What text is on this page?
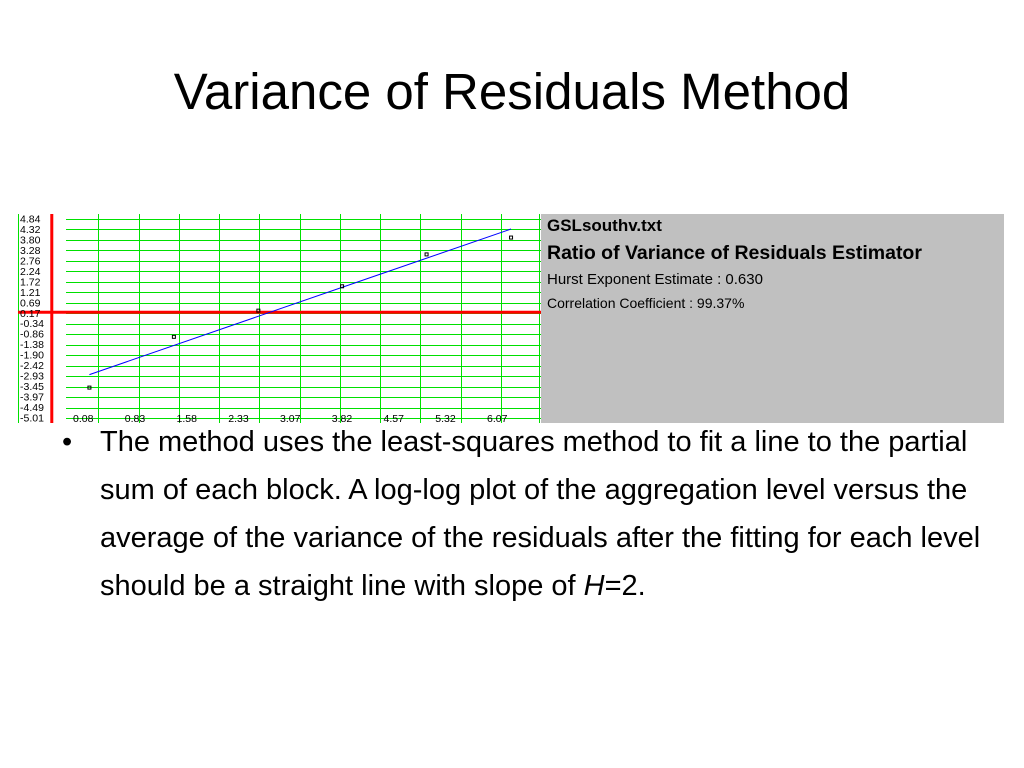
Variance of Residuals Method
4.84
4.32
3.80
3.28
2.76
2.24
1.72
1.21
0.69
0.17
-0.34
-0.86
-1.38
-1.90
-2.42
-2.93
-3.45
-3.97
-4.49
-5.01	0.08	0.83	1.58	2.33	3.07	3.82	4.57	5.32	6.07
GSLsouthv.txt
Ratio of Variance of Residuals Estimator
Hurst Exponent Estimate : 0.630
Correlation Coefficient : 99.37%
• The method uses the least-squares method to fit a line to the partial sum of each block. A log-log plot of the aggregation level versus the average of the variance of the residuals after the fitting for each level should be a straight line with slope of H=2.
